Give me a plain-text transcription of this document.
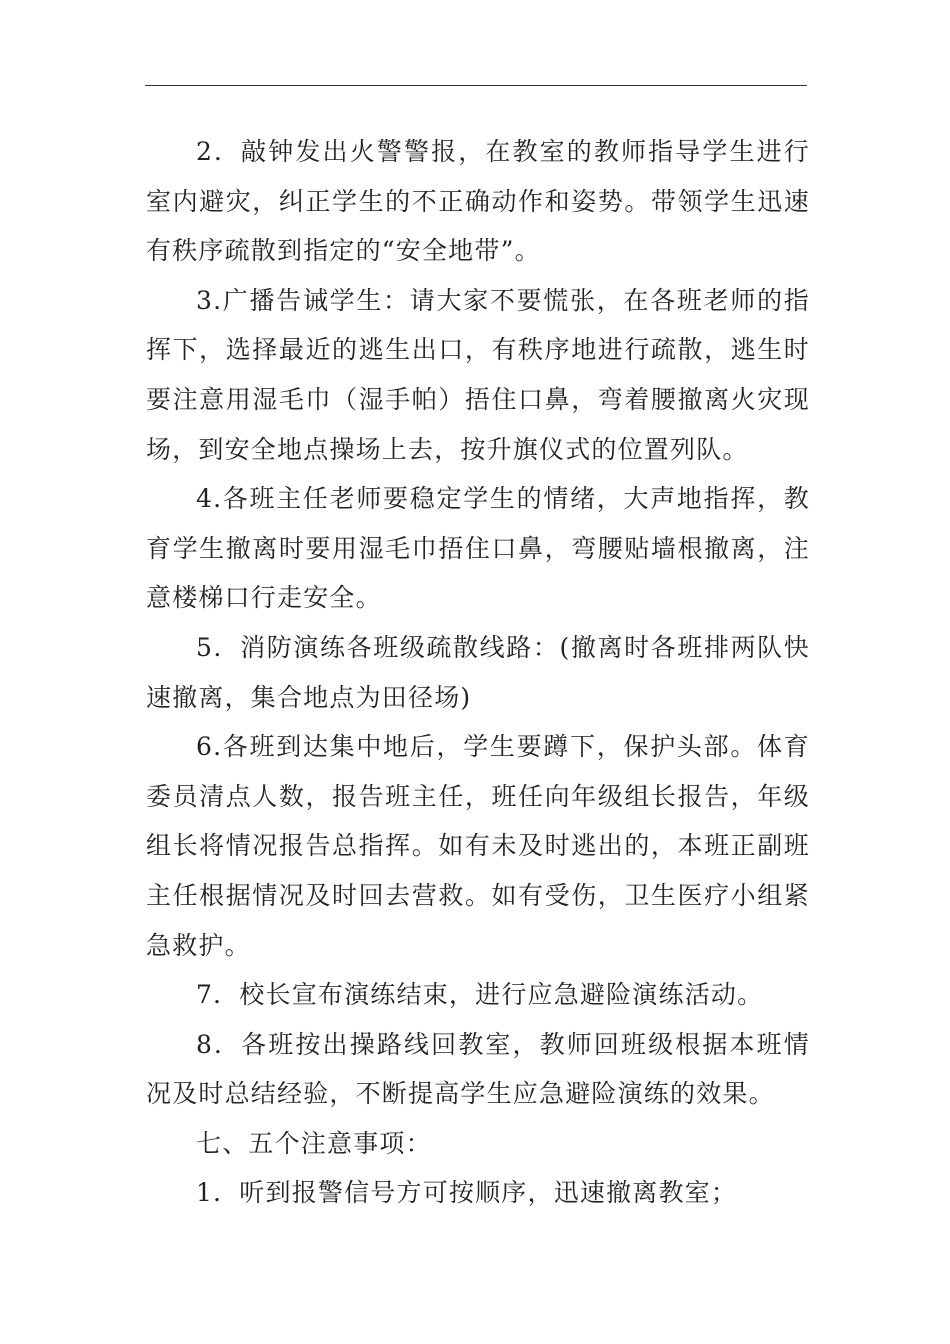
2．敲钟发出火警警报，在教室的教师指导学生进行室内避灾，纠正学生的不正确动作和姿势。带领学生迅速有秩序疏散到指定的“安全地带”。

3.广播告诫学生：请大家不要慌张，在各班老师的指挥下，选择最近的逃生出口，有秩序地进行疏散，逃生时要注意用湿毛巾（湿手帕）捂住口鼻，弯着腰撤离火灾现场，到安全地点操场上去，按升旗仪式的位置列队。

4.各班主任老师要稳定学生的情绪，大声地指挥，教育学生撤离时要用湿毛巾捂住口鼻，弯腰贴墙根撤离，注意楼梯口行走安全。

5．消防演练各班级疏散线路：(撤离时各班排两队快速撤离，集合地点为田径场)

6.各班到达集中地后，学生要蹲下，保护头部。体育委员清点人数，报告班主任，班任向年级组长报告，年级组长将情况报告总指挥。如有未及时逃出的，本班正副班主任根据情况及时回去营救。如有受伤，卫生医疗小组紧急救护。

7．校长宣布演练结束，进行应急避险演练活动。

8．各班按出操路线回教室，教师回班级根据本班情况及时总结经验，不断提高学生应急避险演练的效果。

七、五个注意事项：

1．听到报警信号方可按顺序，迅速撤离教室；
